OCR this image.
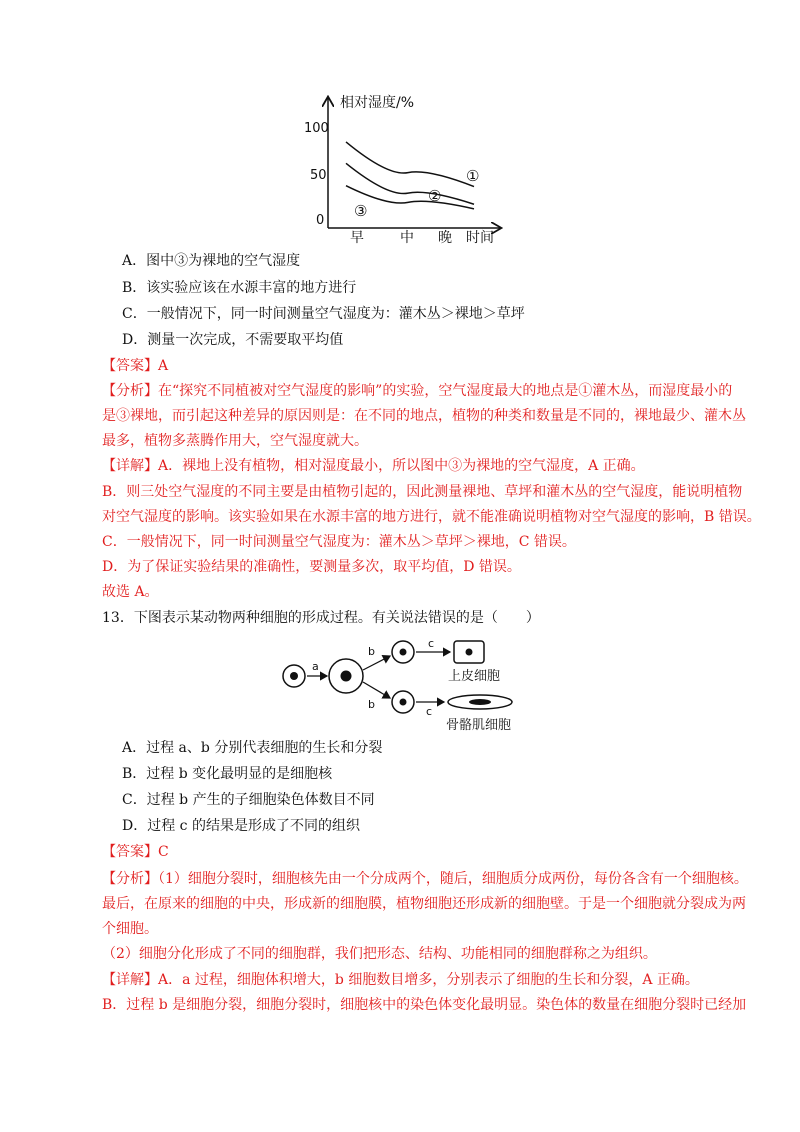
相对湿度/%
100
50
0
早	中 晚 时间
①
②
③
A．图中③为裸地的空气湿度
B．该实验应该在水源丰富的地方进行
C．一般情况下，同一时间测量空气湿度为：灌木丛＞裸地＞草坪
D．测量一次完成，不需要取平均值
【答案】A
【分析】在“探究不同植被对空气湿度的影响”的实验，空气湿度最大的地点是①灌木丛，而湿度最小的
是③裸地，而引起这种差异的原因则是：在不同的地点，植物的种类和数量是不同的，裸地最少、灌木丛
最多，植物多蒸腾作用大，空气湿度就大。
【详解】A．裸地上没有植物，相对湿度最小，所以图中③为裸地的空气湿度，A 正确。
B．则三处空气湿度的不同主要是由植物引起的，因此测量裸地、草坪和灌木丛的空气湿度，能说明植物
对空气湿度的影响。该实验如果在水源丰富的地方进行，就不能准确说明植物对空气湿度的影响，B 错误。
C．一般情况下，同一时间测量空气湿度为：灌木丛＞草坪＞裸地，C 错误。
D．为了保证实验结果的准确性，要测量多次，取平均值，D 错误。
故选 A。
13．下图表示某动物两种细胞的形成过程。有关说法错误的是（　　）
a
b
b
c
c
上皮细胞
骨骼肌细胞
A．过程 a、b 分别代表细胞的生长和分裂
B．过程 b 变化最明显的是细胞核
C．过程 b 产生的子细胞染色体数目不同
D．过程 c 的结果是形成了不同的组织
【答案】C
【分析】（1）细胞分裂时，细胞核先由一个分成两个，随后，细胞质分成两份，每份各含有一个细胞核。
最后，在原来的细胞的中央，形成新的细胞膜，植物细胞还形成新的细胞壁。于是一个细胞就分裂成为两
个细胞。
（2）细胞分化形成了不同的细胞群，我们把形态、结构、功能相同的细胞群称之为组织。
【详解】A．a 过程，细胞体积增大，b 细胞数目增多，分别表示了细胞的生长和分裂，A 正确。
B．过程 b 是细胞分裂，细胞分裂时，细胞核中的染色体变化最明显。染色体的数量在细胞分裂时已经加
